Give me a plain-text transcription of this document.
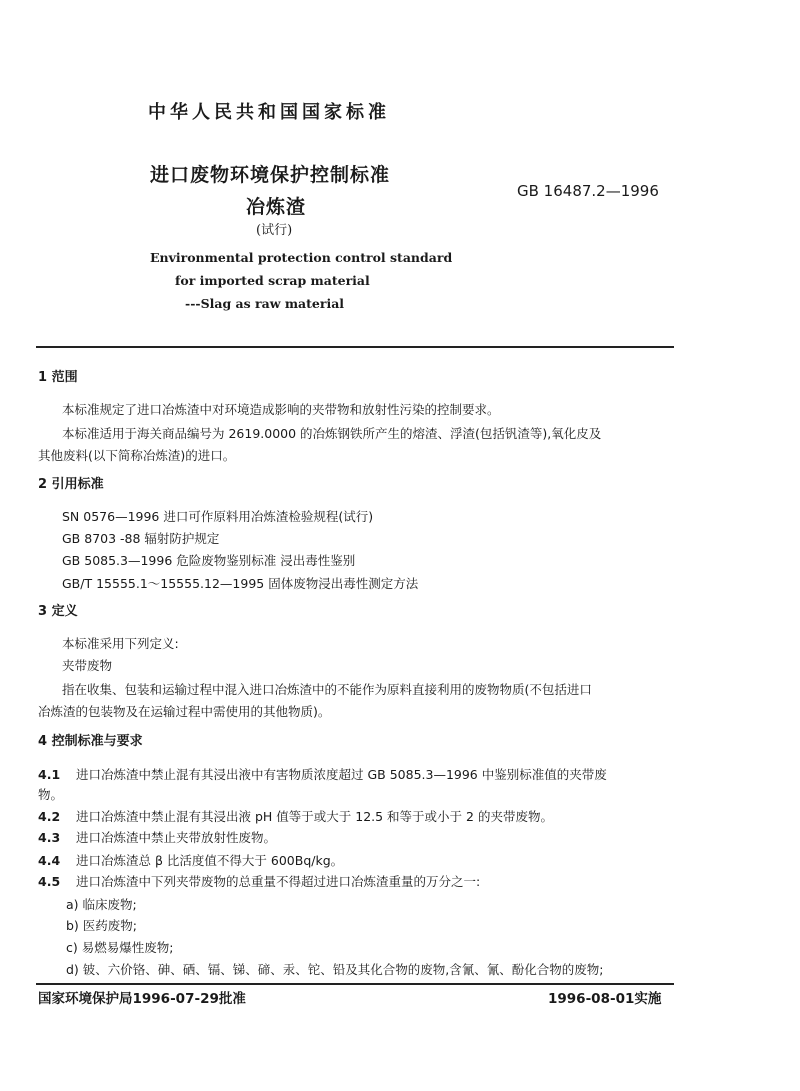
中华人民共和国国家标准
进口废物环境保护控制标准
冶炼渣
(试行)
GB 16487.2—1996
Environmental protection control standard
for imported scrap material
---Slag as raw material
1 范围
本标准规定了进口冶炼渣中对环境造成影响的夹带物和放射性污染的控制要求。
本标准适用于海关商品编号为 2619.0000 的冶炼钢铁所产生的熔渣、浮渣(包括钒渣等),氧化皮及
其他废料(以下简称冶炼渣)的进口。
2 引用标准
SN 0576—1996 进口可作原料用冶炼渣检验规程(试行)
GB 8703 -88 辐射防护规定
GB 5085.3—1996 危险废物鉴别标准 浸出毒性鉴别
GB/T 15555.1～15555.12—1995 固体废物浸出毒性测定方法
3 定义
本标准采用下列定义:
夹带废物
指在收集、包装和运输过程中混入进口冶炼渣中的不能作为原料直接利用的废物物质(不包括进口
冶炼渣的包装物及在运输过程中需使用的其他物质)。
4 控制标准与要求
4.1 进口冶炼渣中禁止混有其浸出液中有害物质浓度超过 GB 5085.3—1996 中鉴别标准值的夹带废
物。
4.2 进口冶炼渣中禁止混有其浸出液 pH 值等于或大于 12.5 和等于或小于 2 的夹带废物。
4.3 进口冶炼渣中禁止夹带放射性废物。
4.4 进口冶炼渣总 β 比活度值不得大于 600Bq/kg。
4.5 进口冶炼渣中下列夹带废物的总重量不得超过进口冶炼渣重量的万分之一:
a) 临床废物;
b) 医药废物;
c) 易燃易爆性废物;
d) 铍、六价铬、砷、硒、镉、锑、碲、汞、铊、铅及其化合物的废物,含氰、氰、酚化合物的废物;
国家环境保护局1996-07-29批准	1996-08-01实施
